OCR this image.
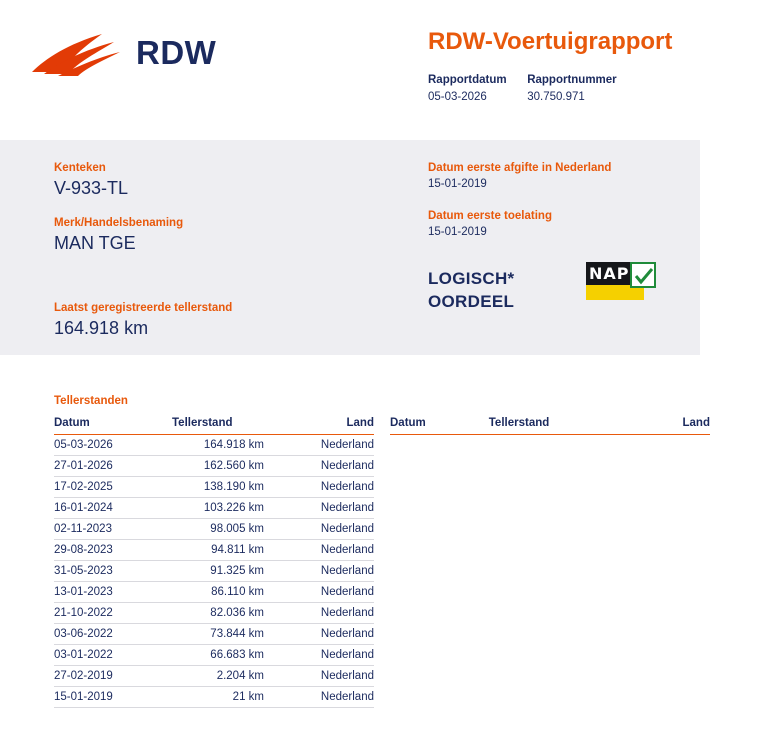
RDW	RDW-Voertuigrapport
Rapportdatum
05-03-2026

Rapportnummer
30.750.971
Kenteken
V-933-TL
Merk/Handelsbenaming
MAN TGE
Laatst geregistreerde tellerstand
164.918 km
Datum eerste afgifte in Nederland
15-01-2019
Datum eerste toelating
15-01-2019
LOGISCH*
OORDEEL
NAP
Tellerstanden
Datum	Tellerstand	Land
05-03-2026	164.918 km	Nederland
27-01-2026	162.560 km	Nederland
17-02-2025	138.190 km	Nederland
16-01-2024	103.226 km	Nederland
02-11-2023	98.005 km	Nederland
29-08-2023	94.811 km	Nederland
31-05-2023	91.325 km	Nederland
13-01-2023	86.110 km	Nederland
21-10-2022	82.036 km	Nederland
03-06-2022	73.844 km	Nederland
03-01-2022	66.683 km	Nederland
27-02-2019	2.204 km	Nederland
15-01-2019	21 km	Nederland
Datum	Tellerstand	Land
